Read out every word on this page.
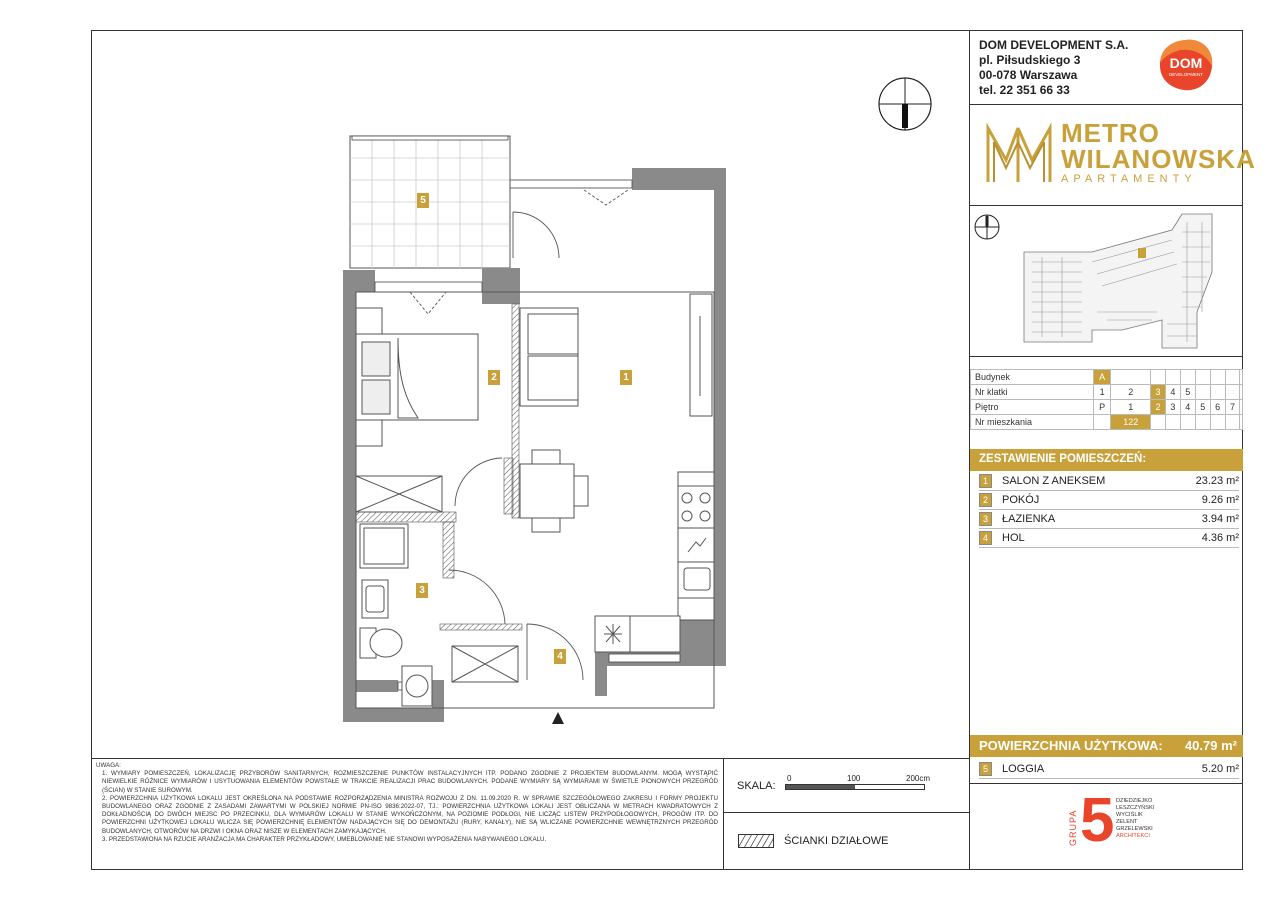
DOM DEVELOPMENT S.A.
pl. Piłsudskiego 3
00-078 Warszawa
tel. 22 351 66 33
DOM
DEVELOPMENT
METRO
WILANOWSKA
APARTAMENTY
Budynek	A								
Nr klatki	1	2	3	4	5				
Piętro	P	1	2	3	4	5	6	7	
Nr mieszkania		122							
ZESTAWIENIE POMIESZCZEŃ:
1	SALON Z ANEKSEM	23.23 m²
2	POKÓJ	9.26 m²
3	ŁAZIENKA	3.94 m²
4	HOL	4.36 m²
POWIERZCHNIA UŻYTKOWA: 40.79 m²
5	LOGGIA	5.20 m²
GRUPA 5 DZIEDZIEJKO
LESZCZYŃSKI
WYCIŚLIK
ZELENT
GRZELEWSKI
ARCHITEKCI

UWAGA:

1. WYMIARY POMIESZCZEŃ, LOKALIZACJĘ PRZYBORÓW SANITARNYCH, ROZMIESZCZENIE PUNKTÓW INSTALACYJNYCH ITP. PODANO ZGODNIE Z PROJEKTEM BUDOWLANYM. MOGĄ WYSTĄPIĆ NIEWIELKIE RÓŻNICE WYMIARÓW I USYTUOWANIA ELEMENTÓW POWSTAŁE W TRAKCIE REALIZACJI PRAC BUDOWLANYCH. PODANE WYMIARY SĄ WYMIARAMI W ŚWIETLE PIONOWYCH PRZEGRÓD (ŚCIAN) W STANIE SUROWYM.

2. POWIERZCHNIA UŻYTKOWA LOKALU JEST OKREŚLONA NA PODSTAWIE ROZPORZĄDZENIA MINISTRA ROZWOJU Z DN. 11.09.2020 R. W SPRAWIE SZCZEGÓŁOWEGO ZAKRESU I FORMY PROJEKTU BUDOWLANEGO ORAZ ZGODNIE Z ZASADAMI ZAWARTYMI W POLSKIEJ NORMIE PN-ISO 9836:2022-07, TJ.: POWIERZCHNIA UŻYTKOWA LOKALI JEST OBLICZANA W METRACH KWADRATOWYCH Z DOKŁADNOŚCIĄ DO DWÓCH MIEJSC PO PRZECINKU, DLA WYMIARÓW LOKALU W STANIE WYKOŃCZONYM, NA POZIOMIE PODŁOGI, NIE LICZĄC LISTEW PRZYPODŁOGOWYCH, PROGÓW ITP. DO POWIERZCHNI UŻYTKOWEJ LOKALU WLICZA SIĘ POWIERZCHNIĘ ELEMENTÓW NADAJĄCYCH SIĘ DO DEMONTAŻU (RURY, KANAŁY), NIE SĄ WLICZANE POWIERZCHNIE WEWNĘTRZNYCH PRZEGRÓD BUDOWLANYCH, OTWORÓW NA DRZWI I OKNA ORAZ NISZE W ELEMENTACH ZAMYKAJĄCYCH.

3. PRZEDSTAWIONA NA RZUCIE ARANŻACJA MA CHARAKTER PRZYKŁADOWY, UMEBLOWANIE NIE STANOWI WYPOSAŻENIA NABYWANEGO LOKALU.

SKALA:
0	100	200cm
ŚCIANKI DZIAŁOWE
1
2
3
4
5
